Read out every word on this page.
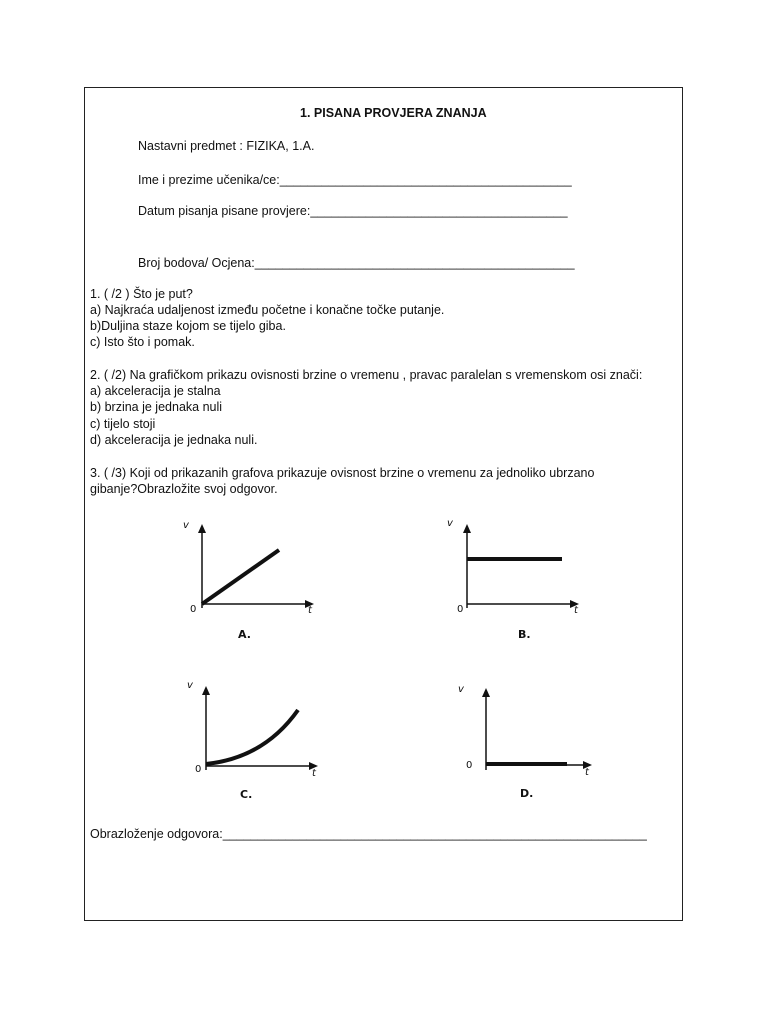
1. PISANA PROVJERA ZNANJA
Nastavni predmet : FIZIKA, 1.A.
Ime i prezime učenika/ce:__________________________________________
Datum pisanja pisane provjere:_____________________________________
Broj bodova/ Ocjena:______________________________________________
1. ( /2 ) Što je put?
a) Najkraća udaljenost između početne i konačne točke putanje.
b)Duljina staze kojom se tijelo giba.
c) Isto što i pomak.
2. ( /2) Na grafičkom prikazu ovisnosti brzine o vremenu , pravac paralelan s vremenskom osi znači:
a) akceleracija je stalna
b) brzina je jednaka nuli
c) tijelo stoji
d) akceleracija je jednaka nuli.
3. ( /3) Koji od prikazanih grafova prikazuje ovisnost brzine o vremenu za jednoliko ubrzano
gibanje?Obrazložite svoj odgovor.
v
t
0
A.
v
t
0
B.
v
t
0
C.
v
t
0
D.
Obrazloženje odgovora:_____________________________________________________________
